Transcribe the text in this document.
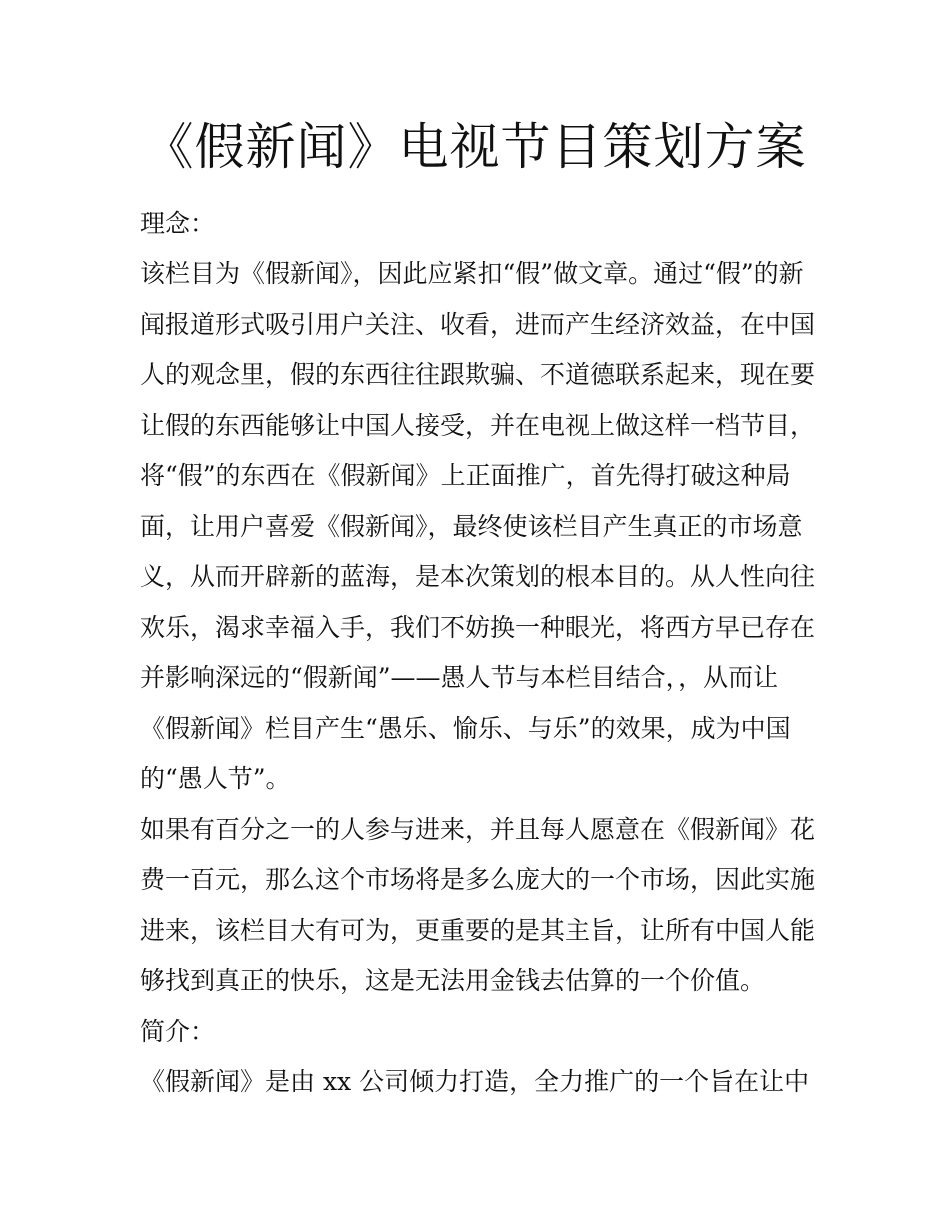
《假新闻》电视节目策划方案

理念：

该栏目为《假新闻》，因此应紧扣“假”做文章。通过“假”的新

闻报道形式吸引用户关注、收看，进而产生经济效益，在中国

人的观念里，假的东西往往跟欺骗、不道德联系起来，现在要

让假的东西能够让中国人接受，并在电视上做这样一档节目，

将“假”的东西在《假新闻》上正面推广，首先得打破这种局

面，让用户喜爱《假新闻》，最终使该栏目产生真正的市场意

义，从而开辟新的蓝海，是本次策划的根本目的。从人性向往

欢乐，渴求幸福入手，我们不妨换一种眼光，将西方早已存在

并影响深远的“假新闻”——愚人节与本栏目结合，，从而让

《假新闻》栏目产生“愚乐、愉乐、与乐”的效果，成为中国

的“愚人节”。

如果有百分之一的人参与进来，并且每人愿意在《假新闻》花

费一百元，那么这个市场将是多么庞大的一个市场，因此实施

进来，该栏目大有可为，更重要的是其主旨，让所有中国人能

够找到真正的快乐，这是无法用金钱去估算的一个价值。

简介：

《假新闻》是由 xx 公司倾力打造，全力推广的一个旨在让中
